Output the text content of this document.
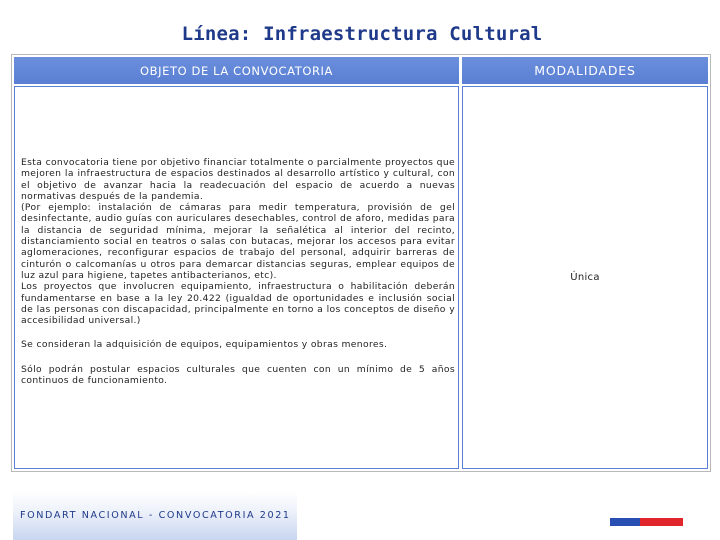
Línea: Infraestructura Cultural
OBJETO DE LA CONVOCATORIA	MODALIDADES

Esta convocatoria tiene por objetivo financiar totalmente o parcialmente proyectos que mejoren la infraestructura de espacios destinados al desarrollo artístico y cultural, con el objetivo de avanzar hacia la readecuación del espacio de acuerdo a nuevas normativas después de la pandemia.

(Por ejemplo: instalación de cámaras para medir temperatura, provisión de gel desinfectante, audio guías con auriculares desechables, control de aforo, medidas para la distancia de seguridad mínima, mejorar la señalética al interior del recinto, distanciamiento social en teatros o salas con butacas, mejorar los accesos para evitar aglomeraciones, reconfigurar espacios de trabajo del personal, adquirir barreras de cinturón o calcomanías u otros para demarcar distancias seguras, emplear equipos de luz azul para higiene, tapetes antibacterianos, etc).

Los proyectos que involucren equipamiento, infraestructura o habilitación deberán fundamentarse en base a la ley 20.422 (igualdad de oportunidades e inclusión social de las personas con discapacidad, principalmente en torno a los conceptos de diseño y accesibilidad universal.)

Se consideran la adquisición de equipos, equipamientos y obras menores.

Sólo podrán postular espacios culturales que cuenten con un mínimo de 5 años continuos de funcionamiento.

Única
FONDART NACIONAL - CONVOCATORIA 2021
